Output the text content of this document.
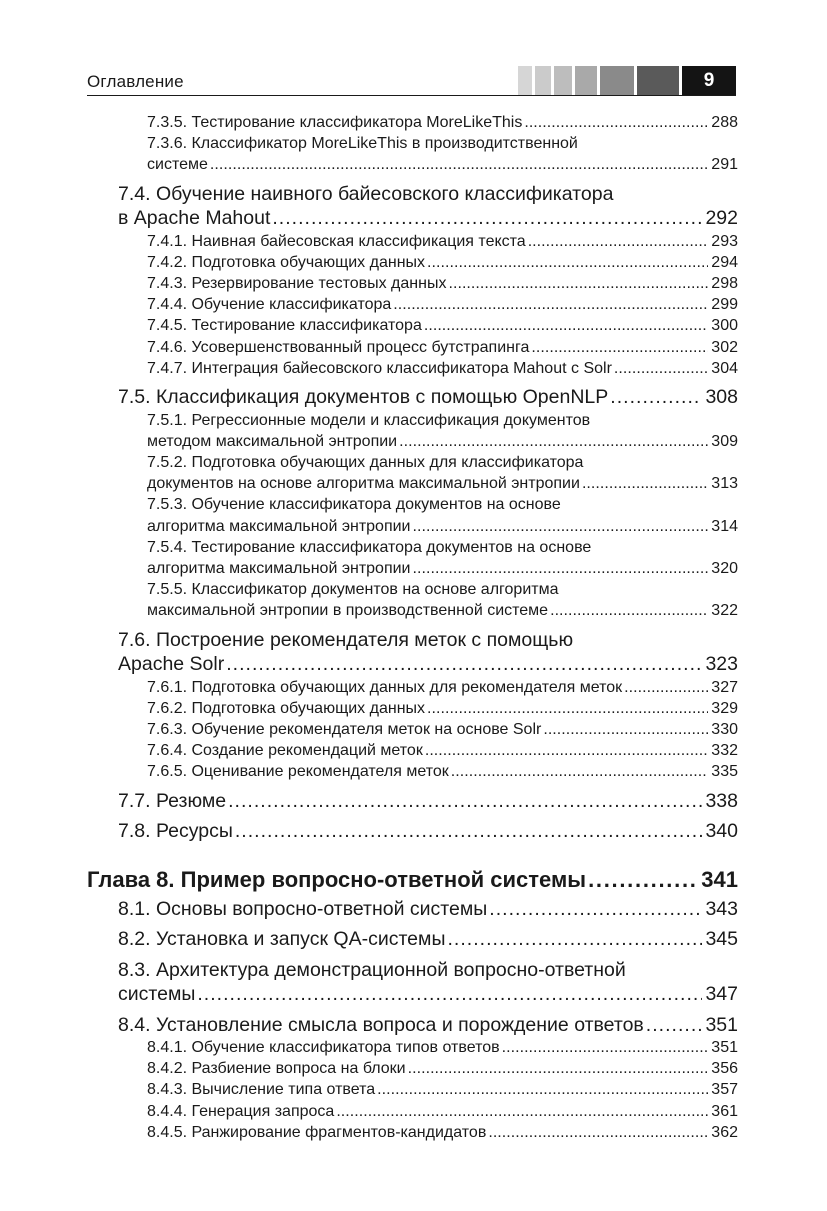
Оглавление	9
7.3.5. Тестирование классификатора MoreLikeThis . . .	288
7.3.6. Классификатор MoreLikeThis в производитственной
системе . . .	291
7.4. Обучение наивного байесовского классификатора
в Apache Mahout . . .	292
7.4.1. Наивная байесовская классификация текста . . .	293
7.4.2. Подготовка обучающих данных . . .	294
7.4.3. Резервирование тестовых данных . . .	298
7.4.4. Обучение классификатора . . .	299
7.4.5. Тестирование классификатора . . .	300
7.4.6. Усовершенствованный процесс бутстрапинга . . .	302
7.4.7. Интеграция байесовского классификатора Mahout с Solr . . .	304
7.5. Классификация документов с помощью OpenNLP . . .	308
7.5.1. Регрессионные модели и классификация документов
методом максимальной энтропии . . .	309
7.5.2. Подготовка обучающих данных для классификатора
документов на основе алгоритма максимальной энтропии . . .	313
7.5.3. Обучение классификатора документов на основе
алгоритма максимальной энтропии . . .	314
7.5.4. Тестирование классификатора документов на основе
алгоритма максимальной энтропии . . .	320
7.5.5. Классификатор документов на основе алгоритма
максимальной энтропии в производственной системе . . .	322
7.6. Построение рекомендателя меток с помощью
Apache Solr . . .	323
7.6.1. Подготовка обучающих данных для рекомендателя меток . . .	327
7.6.2. Подготовка обучающих данных . . .	329
7.6.3. Обучение рекомендателя меток на основе Solr . . .	330
7.6.4. Создание рекомендаций меток . . .	332
7.6.5. Оценивание рекомендателя меток . . .	335
7.7. Резюме . . .	338
7.8. Ресурсы . . .	340
Глава 8. Пример вопросно-ответной системы . . .	341
8.1. Основы вопросно-ответной системы . . .	343
8.2. Установка и запуск QA-системы . . .	345
8.3. Архитектура демонстрационной вопросно-ответной
системы . . .	347
8.4. Установление смысла вопроса и порождение ответов . . .	351
8.4.1. Обучение классификатора типов ответов . . .	351
8.4.2. Разбиение вопроса на блоки . . .	356
8.4.3. Вычисление типа ответа . . .	357
8.4.4. Генерация запроса . . .	361
8.4.5. Ранжирование фрагментов-кандидатов . . .	362
